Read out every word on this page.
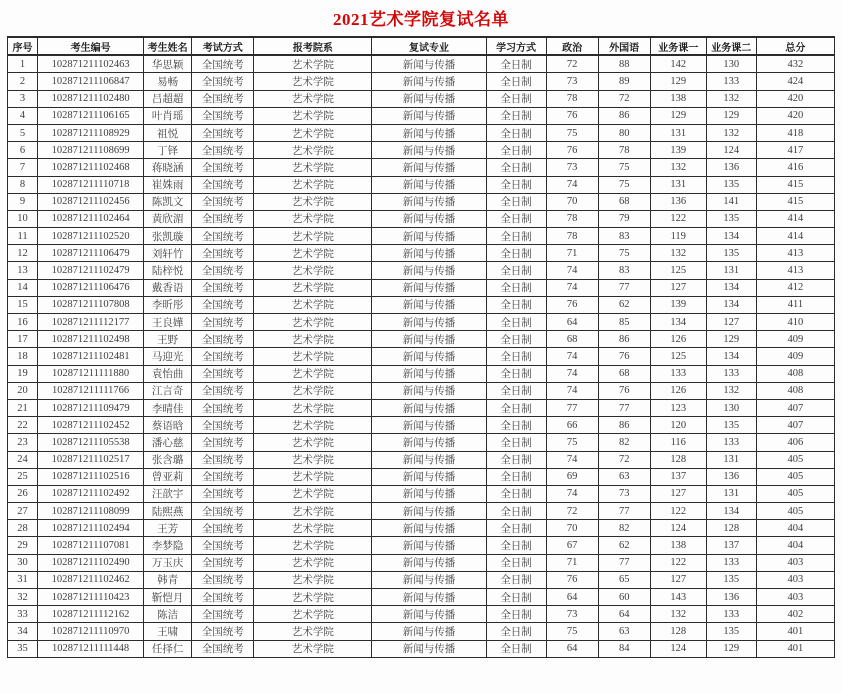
2021艺术学院复试名单
序号	考生编号	考生姓名	考试方式	报考院系	复试专业	学习方式	政治	外国语	业务课一	业务课二	总分
1	102871211102463	华思颖	全国统考	艺术学院	新闻与传播	全日制	72	88	142	130	432
2	102871211106847	易畅	全国统考	艺术学院	新闻与传播	全日制	73	89	129	133	424
3	102871211102480	吕超超	全国统考	艺术学院	新闻与传播	全日制	78	72	138	132	420
4	102871211106165	叶肖瑶	全国统考	艺术学院	新闻与传播	全日制	76	86	129	129	420
5	102871211108929	祖悦	全国统考	艺术学院	新闻与传播	全日制	75	80	131	132	418
6	102871211108699	丁铎	全国统考	艺术学院	新闻与传播	全日制	76	78	139	124	417
7	102871211102468	蒋晓涵	全国统考	艺术学院	新闻与传播	全日制	73	75	132	136	416
8	102871211110718	崔姝雨	全国统考	艺术学院	新闻与传播	全日制	74	75	131	135	415
9	102871211102456	陈凯文	全国统考	艺术学院	新闻与传播	全日制	70	68	136	141	415
10	102871211102464	黄欣湄	全国统考	艺术学院	新闻与传播	全日制	78	79	122	135	414
11	102871211102520	张凯璇	全国统考	艺术学院	新闻与传播	全日制	78	83	119	134	414
12	102871211106479	刘轩竹	全国统考	艺术学院	新闻与传播	全日制	71	75	132	135	413
13	102871211102479	陆梓悦	全国统考	艺术学院	新闻与传播	全日制	74	83	125	131	413
14	102871211106476	戴香语	全国统考	艺术学院	新闻与传播	全日制	74	77	127	134	412
15	102871211107808	李昕彤	全国统考	艺术学院	新闻与传播	全日制	76	62	139	134	411
16	102871211112177	王良嬅	全国统考	艺术学院	新闻与传播	全日制	64	85	134	127	410
17	102871211102498	王野	全国统考	艺术学院	新闻与传播	全日制	68	86	126	129	409
18	102871211102481	马迎光	全国统考	艺术学院	新闻与传播	全日制	74	76	125	134	409
19	102871211111880	袁怡曲	全国统考	艺术学院	新闻与传播	全日制	74	68	133	133	408
20	102871211111766	江言奇	全国统考	艺术学院	新闻与传播	全日制	74	76	126	132	408
21	102871211109479	李晴佳	全国统考	艺术学院	新闻与传播	全日制	77	77	123	130	407
22	102871211102452	蔡语晗	全国统考	艺术学院	新闻与传播	全日制	66	86	120	135	407
23	102871211105538	潘心慈	全国统考	艺术学院	新闻与传播	全日制	75	82	116	133	406
24	102871211102517	张含璐	全国统考	艺术学院	新闻与传播	全日制	74	72	128	131	405
25	102871211102516	曾亚莉	全国统考	艺术学院	新闻与传播	全日制	69	63	137	136	405
26	102871211102492	汪歆宇	全国统考	艺术学院	新闻与传播	全日制	74	73	127	131	405
27	102871211108099	陆熙燕	全国统考	艺术学院	新闻与传播	全日制	72	77	122	134	405
28	102871211102494	王芳	全国统考	艺术学院	新闻与传播	全日制	70	82	124	128	404
29	102871211107081	李梦隐	全国统考	艺术学院	新闻与传播	全日制	67	62	138	137	404
30	102871211102490	万玉庆	全国统考	艺术学院	新闻与传播	全日制	71	77	122	133	403
31	102871211102462	韩青	全国统考	艺术学院	新闻与传播	全日制	76	65	127	135	403
32	102871211110423	靳恺月	全国统考	艺术学院	新闻与传播	全日制	64	60	143	136	403
33	102871211112162	陈洁	全国统考	艺术学院	新闻与传播	全日制	73	64	132	133	402
34	102871211110970	王啸	全国统考	艺术学院	新闻与传播	全日制	75	63	128	135	401
35	102871211111448	任择仁	全国统考	艺术学院	新闻与传播	全日制	64	84	124	129	401
